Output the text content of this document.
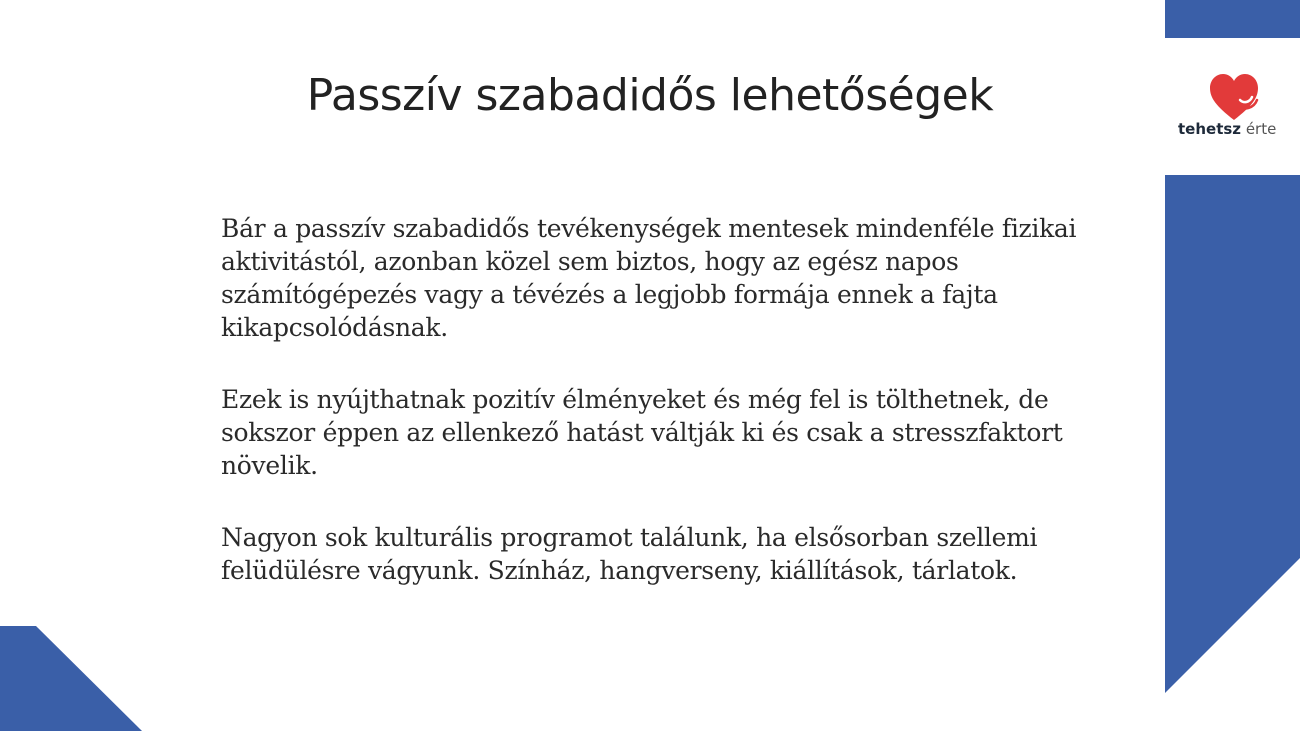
tehetsz érte
Passzív szabadidős lehetőségek

Bár a passzív szabadidős tevékenységek mentesek mindenféle fizikai aktivitástól, azonban közel sem biztos, hogy az egész napos számítógépezés vagy a tévézés a legjobb formája ennek a fajta kikapcsolódásnak.

Ezek is nyújthatnak pozitív élményeket és még fel is tölthetnek, de sokszor éppen az ellenkező hatást váltják ki és csak a stresszfaktort növelik.

Nagyon sok kulturális programot találunk, ha elsősorban szellemi felüdülésre vágyunk. Színház, hangverseny, kiállítások, tárlatok.
